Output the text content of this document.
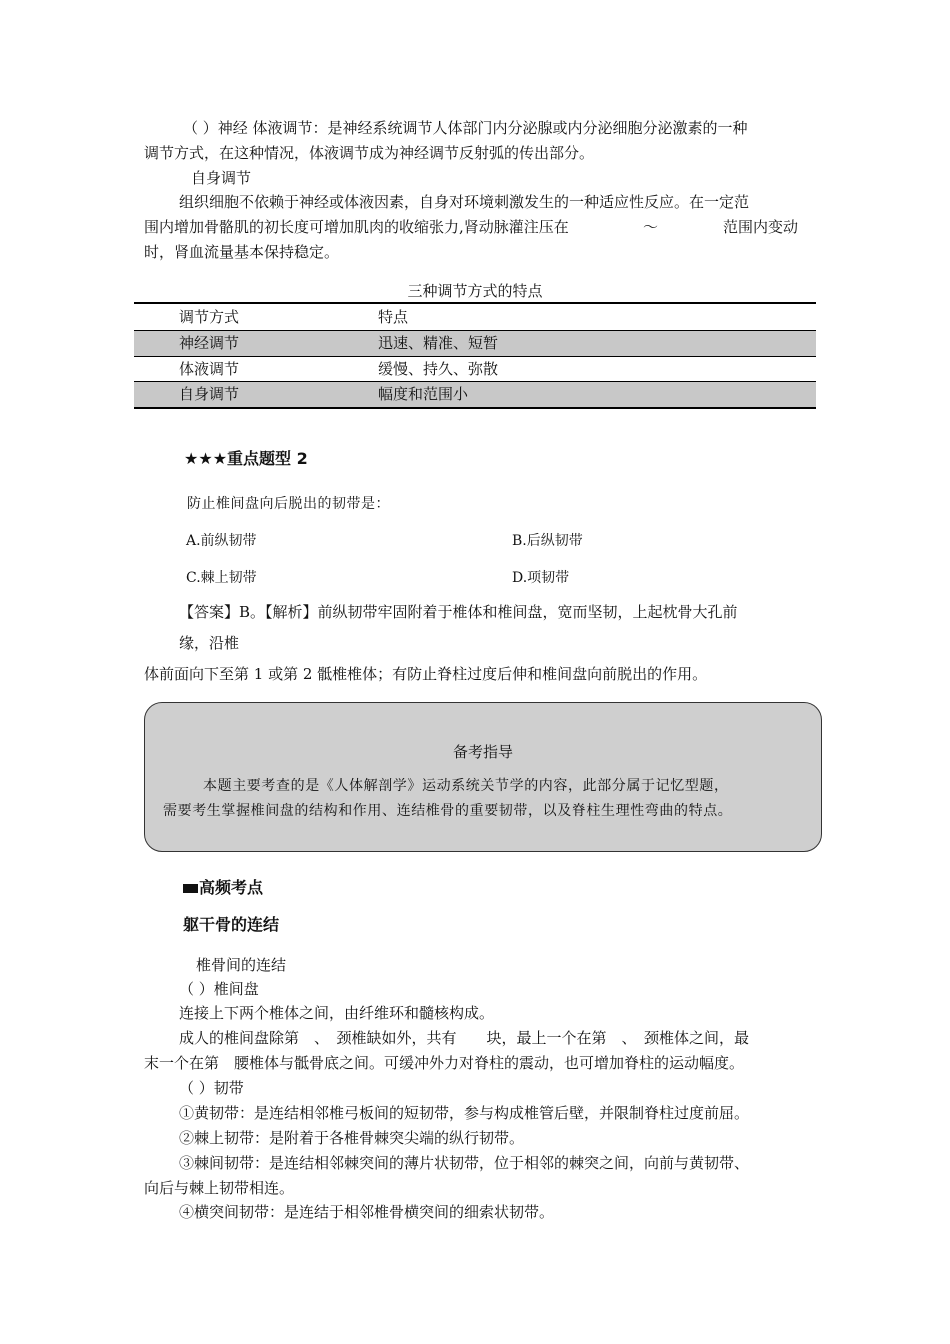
（ ）神经 体液调节：是神经系统调节人体部门内分泌腺或内分泌细胞分泌激素的一种
调节方式，在这种情况，体液调节成为神经调节反射弧的传出部分。
自身调节
组织细胞不依赖于神经或体液因素，自身对环境刺激发生的一种适应性反应。在一定范
围内增加骨骼肌的初长度可增加肌肉的收缩张力,肾动脉灌注压在	～	范围内变动
时，肾血流量基本保持稳定。
三种调节方式的特点
调节方式	特点
神经调节	迅速、精准、短暂
体液调节	缓慢、持久、弥散
自身调节	幅度和范围小
★★★重点题型 2
防止椎间盘向后脱出的韧带是：
A.前纵韧带	B.后纵韧带
C.棘上韧带	D.项韧带
【答案】B。【解析】前纵韧带牢固附着于椎体和椎间盘，宽而坚韧，上起枕骨大孔前
缘，沿椎
体前面向下至第 1 或第 2 骶椎椎体；有防止脊柱过度后伸和椎间盘向前脱出的作用。
备考指导
本题主要考查的是《人体解剖学》运动系统关节学的内容，此部分属于记忆型题，
需要考生掌握椎间盘的结构和作用、连结椎骨的重要韧带，以及脊柱生理性弯曲的特点。
高频考点
躯干骨的连结
椎骨间的连结
（ ）椎间盘
连接上下两个椎体之间，由纤维环和髓核构成。
成人的椎间盘除第　、　颈椎缺如外，共有　　块，最上一个在第　、　颈椎体之间，最
末一个在第　腰椎体与骶骨底之间。可缓冲外力对脊柱的震动，也可增加脊柱的运动幅度。
（ ）韧带
①黄韧带：是连结相邻椎弓板间的短韧带，参与构成椎管后壁，并限制脊柱过度前屈。
②棘上韧带：是附着于各椎骨棘突尖端的纵行韧带。
③棘间韧带：是连结相邻棘突间的薄片状韧带，位于相邻的棘突之间，向前与黄韧带、
向后与棘上韧带相连。
④横突间韧带：是连结于相邻椎骨横突间的细索状韧带。
